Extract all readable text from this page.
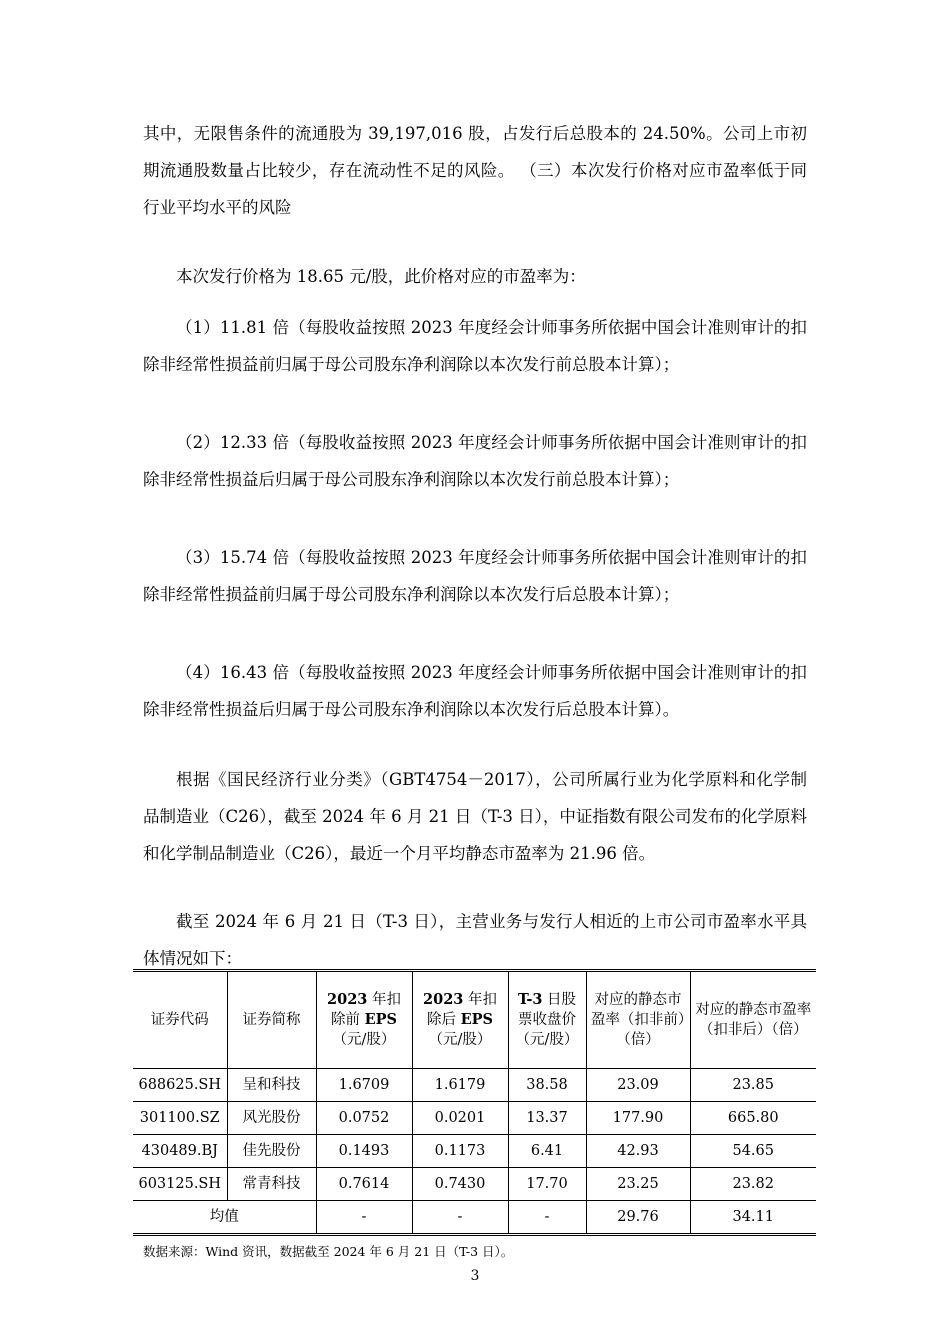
其中，无限售条件的流通股为 39,197,016 股，占发行后总股本的 24.50%。公司上市初期流通股数量占比较少，存在流动性不足的风险。 （三）本次发行价格对应市盈率低于同行业平均水平的风险

本次发行价格为 18.65 元/股，此价格对应的市盈率为：

（1）11.81 倍（每股收益按照 2023 年度经会计师事务所依据中国会计准则审计的扣除非经常性损益前归属于母公司股东净利润除以本次发行前总股本计算）；

（2）12.33 倍（每股收益按照 2023 年度经会计师事务所依据中国会计准则审计的扣除非经常性损益后归属于母公司股东净利润除以本次发行前总股本计算）；

（3）15.74 倍（每股收益按照 2023 年度经会计师事务所依据中国会计准则审计的扣除非经常性损益前归属于母公司股东净利润除以本次发行后总股本计算）；

（4）16.43 倍（每股收益按照 2023 年度经会计师事务所依据中国会计准则审计的扣除非经常性损益后归属于母公司股东净利润除以本次发行后总股本计算）。

根据《国民经济行业分类》（GBT4754－2017），公司所属行业为化学原料和化学制品制造业（C26），截至 2024 年 6 月 21 日（T-3 日），中证指数有限公司发布的化学原料和化学制品制造业（C26），最近一个月平均静态市盈率为 21.96 倍。

截至 2024 年 6 月 21 日（T-3 日），主营业务与发行人相近的上市公司市盈率水平具体情况如下：

证券代码	证券简称	2023 年扣除前 EPS（元/股）	2023 年扣除后 EPS（元/股）	T-3 日股票收盘价（元/股）	对应的静态市盈率（扣非前）（倍）	对应的静态市盈率（扣非后）（倍）
688625.SH	呈和科技	1.6709	1.6179	38.58	23.09	23.85
301100.SZ	风光股份	0.0752	0.0201	13.37	177.90	665.80
430489.BJ	佳先股份	0.1493	0.1173	6.41	42.93	54.65
603125.SH	常青科技	0.7614	0.7430	17.70	23.25	23.82
均值		-	-	-	29.76	34.11
数据来源：Wind 资讯，数据截至 2024 年 6 月 21 日（T-3 日）。
3
